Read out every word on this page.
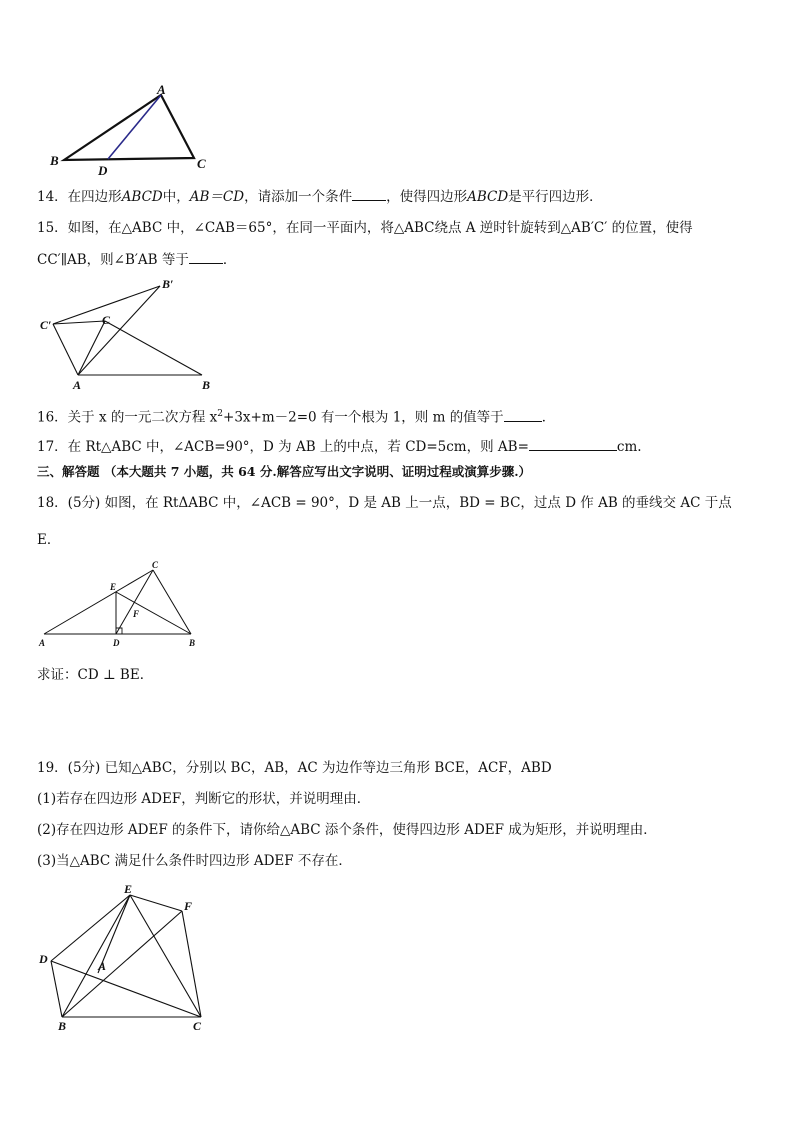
A
B	C
D
14．在四边形ABCD中，AB＝CD，请添加一个条件	，使得四边形ABCD是平行四边形．
15．如图，在△ABC 中，∠CAB＝65°，在同一平面内，将△ABC绕点 A 逆时针旋转到△AB′C′ 的位置，使得
CC′∥AB，则∠B′AB 等于	．
B′
C′	C
A	B
16．关于 x 的一元二次方程 $x^2+3x+m-2=0$ 有一个根为 1，则 m 的值等于	．
17．在 Rt△ABC 中，∠ACB=90°，D 为 AB 上的中点，若 CD=5cm，则 AB=	cm.
三、解答题 （本大题共 7 小题，共 64 分.解答应写出文字说明、证明过程或演算步骤.）
18．(5分) 如图，在 RtΔABC 中，∠ACB = 90°，D 是 AB 上一点，BD = BC，过点 D 作 AB 的垂线交 AC 于点
E．
C
E
F
A	D	B
求证：CD ⊥ BE．
19．(5分) 已知△ABC，分别以 BC，AB，AC 为边作等边三角形 BCE，ACF，ABD
(1)若存在四边形 ADEF，判断它的形状，并说明理由．
(2)存在四边形 ADEF 的条件下，请你给△ABC 添个条件，使得四边形 ADEF 成为矩形，并说明理由．
(3)当△ABC 满足什么条件时四边形 ADEF 不存在．
E
F
D	A
B	C
